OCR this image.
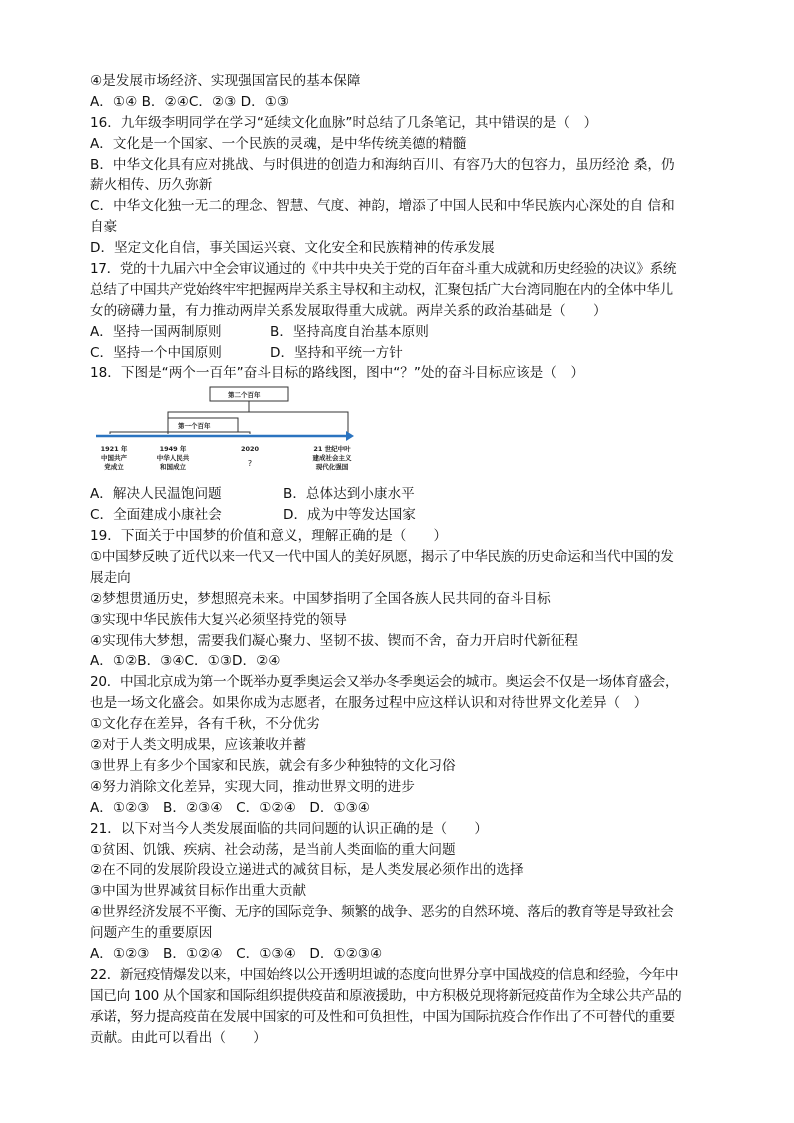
④是发展市场经济、实现强国富民的基本保障
A．①④ B．②④C．②③ D．①③
16．九年级李明同学在学习“延续文化血脉”时总结了几条笔记，其中错误的是（　）
A．文化是一个国家、一个民族的灵魂，是中华传统美德的精髓
B．中华文化具有应对挑战、与时俱进的创造力和海纳百川、有容乃大的包容力，虽历经沧 桑，仍
薪火相传、历久弥新
C．中华文化独一无二的理念、智慧、气度、神韵，增添了中国人民和中华民族内心深处的自 信和
自豪
D．坚定文化自信，事关国运兴衰、文化安全和民族精神的传承发展
17．党的十九届六中全会审议通过的《中共中央关于党的百年奋斗重大成就和历史经验的决议》系统
总结了中国共产党始终牢牢把握两岸关系主导权和主动权，汇聚包括广大台湾同胞在内的全体中华儿
女的磅礴力量，有力推动两岸关系发展取得重大成就。两岸关系的政治基础是（　　）
A．坚持一国两制原则	B．坚持高度自治基本原则
C．坚持一个中国原则	D．坚持和平统一方针
18．下图是“两个一百年”奋斗目标的路线图，图中“？”处的奋斗目标应该是（　）
第二个百年
第一个百年
1921 年
中国共产
党成立
1949 年
中华人民共
和国成立
2020
?
21 世纪中叶
建成社会主义
现代化强国
A．解决人民温饱问题	B．总体达到小康水平
C．全面建成小康社会	D．成为中等发达国家
19．下面关于中国梦的价值和意义，理解正确的是（　　）
①中国梦反映了近代以来一代又一代中国人的美好夙愿，揭示了中华民族的历史命运和当代中国的发
展走向
②梦想贯通历史，梦想照亮未来。中国梦指明了全国各族人民共同的奋斗目标
③实现中华民族伟大复兴必须坚持党的领导
④实现伟大梦想，需要我们凝心聚力、坚韧不拔、锲而不舍，奋力开启时代新征程
A．①②B．③④C．①③D．②④
20．中国北京成为第一个既举办夏季奥运会又举办冬季奥运会的城市。奥运会不仅是一场体育盛会，
也是一场文化盛会。如果你成为志愿者，在服务过程中应这样认识和对待世界文化差异（　）
①文化存在差异，各有千秋，不分优劣
②对于人类文明成果，应该兼收并蓄
③世界上有多少个国家和民族，就会有多少种独特的文化习俗
④努力消除文化差异，实现大同，推动世界文明的进步
A．①②③　B．②③④　C．①②④　D．①③④
21．以下对当今人类发展面临的共同问题的认识正确的是（　　）
①贫困、饥饿、疾病、社会动荡，是当前人类面临的重大问题
②在不同的发展阶段设立递进式的减贫目标，是人类发展必须作出的选择
③中国为世界减贫目标作出重大贡献
④世界经济发展不平衡、无序的国际竞争、频繁的战争、恶劣的自然环境、落后的教育等是导致社会
问题产生的重要原因
A．①②③　B．①②④　C．①③④　D．①②③④
22．新冠疫情爆发以来，中国始终以公开透明坦诚的态度向世界分享中国战疫的信息和经验，今年中
国已向 100 从个国家和国际组织提供疫苗和原液援助，中方积极兑现将新冠疫苗作为全球公共产品的
承诺，努力提高疫苗在发展中国家的可及性和可负担性，中国为国际抗疫合作作出了不可替代的重要
贡献。由此可以看出（　　）
